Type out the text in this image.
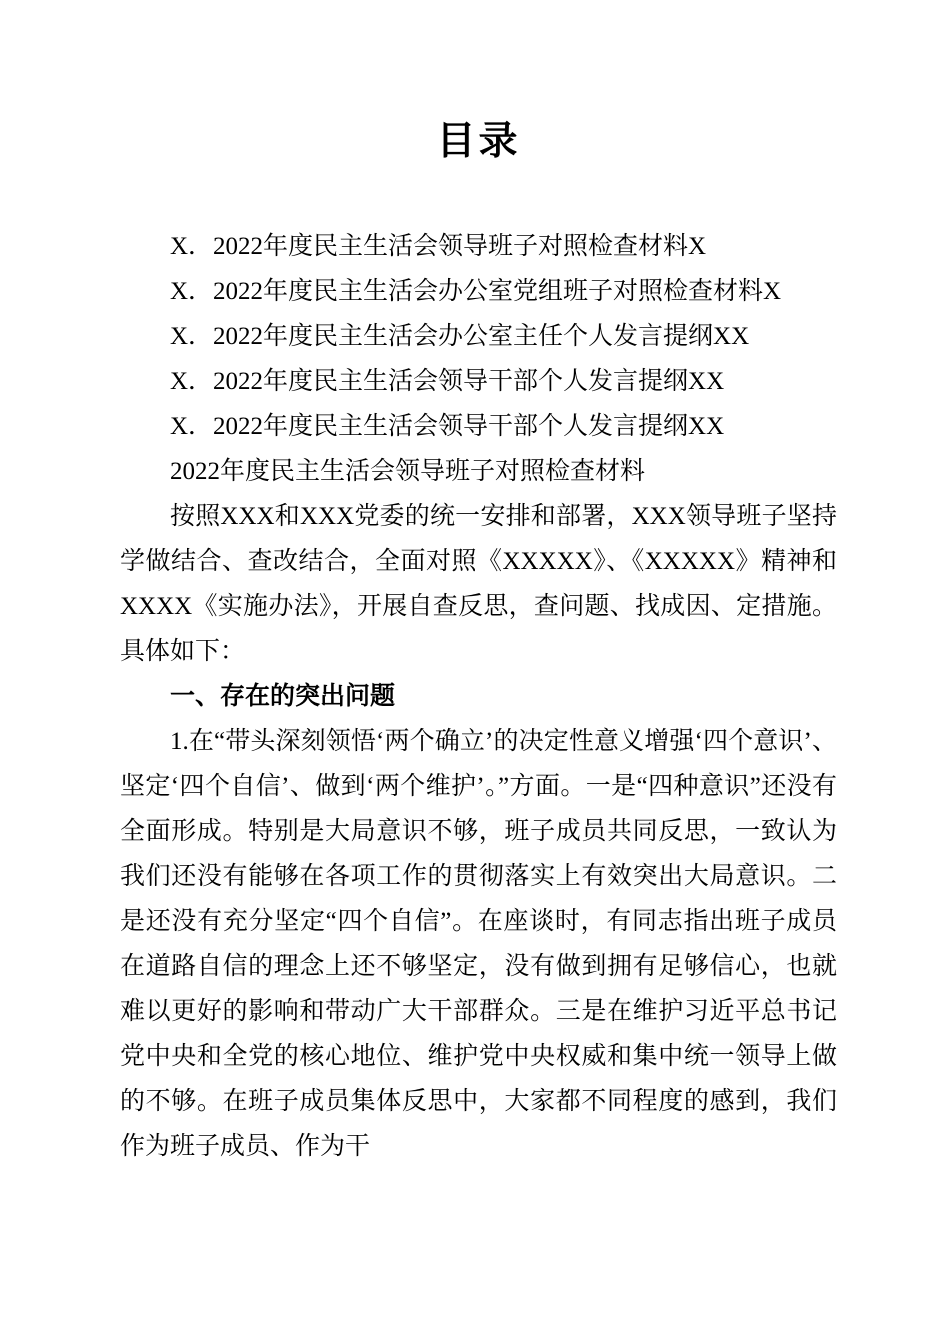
目录

X．2022年度民主生活会领导班子对照检查材料X

X．2022年度民主生活会办公室党组班子对照检查材料X

X．2022年度民主生活会办公室主任个人发言提纲XX

X．2022年度民主生活会领导干部个人发言提纲XX

X．2022年度民主生活会领导干部个人发言提纲XX

2022年度民主生活会领导班子对照检查材料

按照XXX和XXX党委的统一安排和部署，XXX领导班子坚持学做结合、查改结合，全面对照《XXXXX》、《XXXXX》精神和XXXX《实施办法》，开展自查反思，查问题、找成因、定措施。具体如下：

一、存在的突出问题

1.在“带头深刻领悟‘两个确立’的决定性意义增强‘四个意识’、坚定‘四个自信’、做到‘两个维护’。”方面。一是“四种意识”还没有全面形成。特别是大局意识不够，班子成员共同反思，一致认为我们还没有能够在各项工作的贯彻落实上有效突出大局意识。二是还没有充分坚定“四个自信”。在座谈时，有同志指出班子成员在道路自信的理念上还不够坚定，没有做到拥有足够信心，也就难以更好的影响和带动广大干部群众。三是在维护习近平总书记党中央和全党的核心地位、维护党中央权威和集中统一领导上做的不够。在班子成员集体反思中，大家都不同程度的感到，我们作为班子成员、作为干
